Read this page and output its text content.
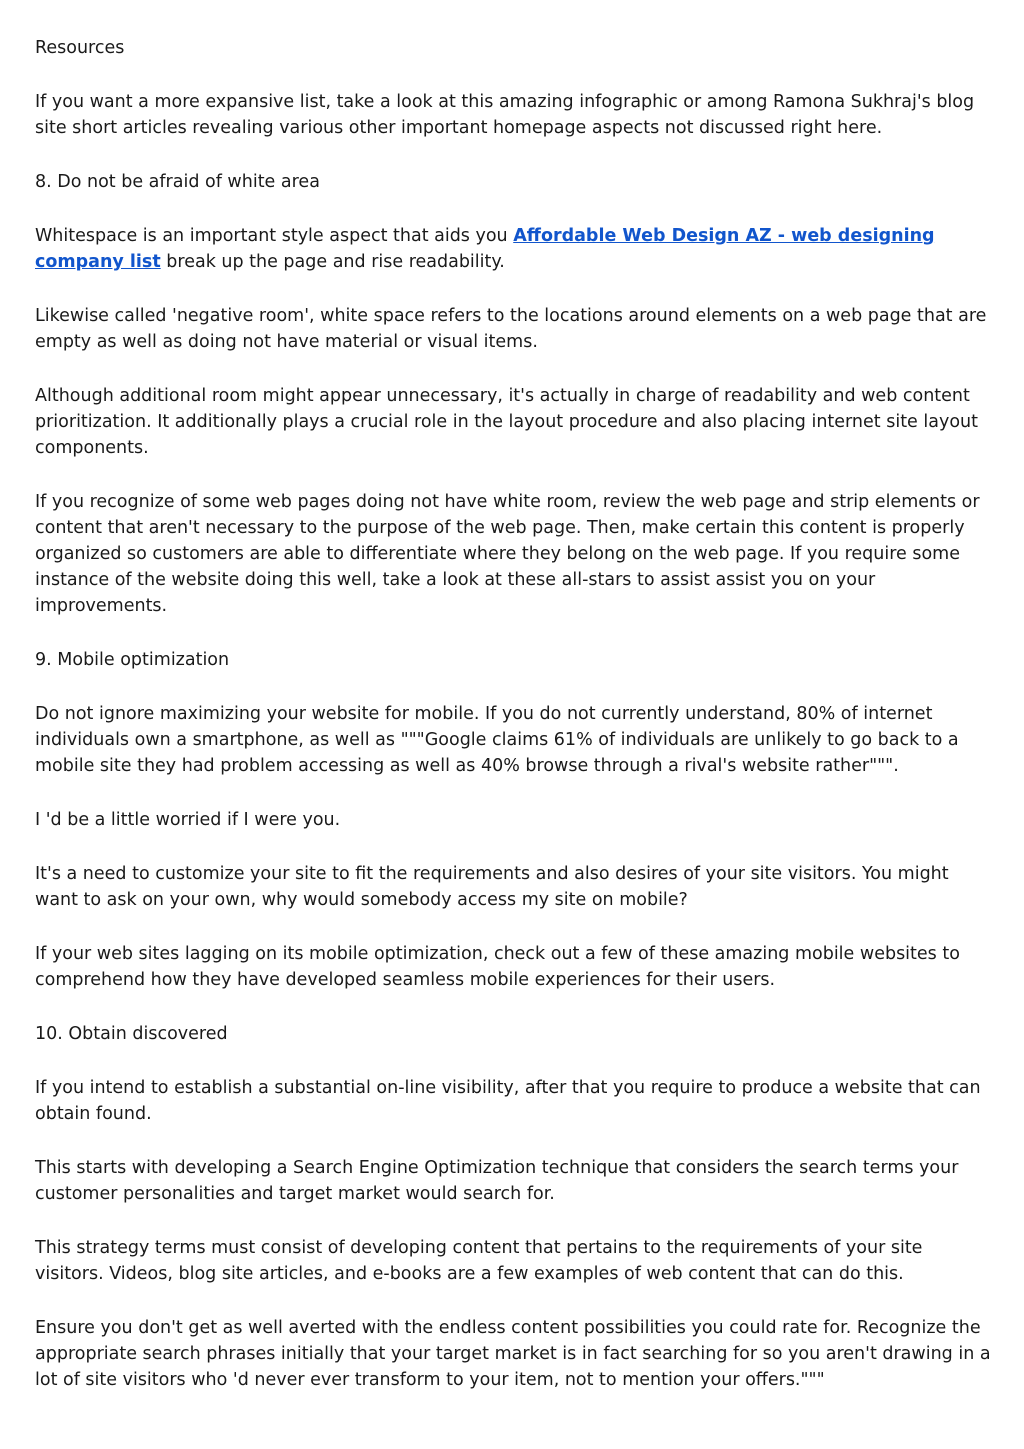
Resources

If you want a more expansive list, take a look at this amazing infographic or among Ramona Sukhraj's blog site short articles revealing various other important homepage aspects not discussed right here.

8. Do not be afraid of white area

Whitespace is an important style aspect that aids you Affordable Web Design AZ - web designing company list break up the page and rise readability.

Likewise called 'negative room', white space refers to the locations around elements on a web page that are empty as well as doing not have material or visual items.

Although additional room might appear unnecessary, it's actually in charge of readability and web content prioritization. It additionally plays a crucial role in the layout procedure and also placing internet site layout components.

If you recognize of some web pages doing not have white room, review the web page and strip elements or content that aren't necessary to the purpose of the web page. Then, make certain this content is properly organized so customers are able to differentiate where they belong on the web page. If you require some instance of the website doing this well, take a look at these all-stars to assist assist you on your improvements.

9. Mobile optimization

Do not ignore maximizing your website for mobile. If you do not currently understand, 80% of internet individuals own a smartphone, as well as """Google claims 61% of individuals are unlikely to go back to a mobile site they had problem accessing as well as 40% browse through a rival's website rather""".

I 'd be a little worried if I were you.

It's a need to customize your site to fit the requirements and also desires of your site visitors. You might want to ask on your own, why would somebody access my site on mobile?

If your web sites lagging on its mobile optimization, check out a few of these amazing mobile websites to comprehend how they have developed seamless mobile experiences for their users.

10. Obtain discovered

If you intend to establish a substantial on-line visibility, after that you require to produce a website that can obtain found.

This starts with developing a Search Engine Optimization technique that considers the search terms your customer personalities and target market would search for.

This strategy terms must consist of developing content that pertains to the requirements of your site visitors. Videos, blog site articles, and e-books are a few examples of web content that can do this.

Ensure you don't get as well averted with the endless content possibilities you could rate for. Recognize the appropriate search phrases initially that your target market is in fact searching for so you aren't drawing in a lot of site visitors who 'd never ever transform to your item, not to mention your offers."""
